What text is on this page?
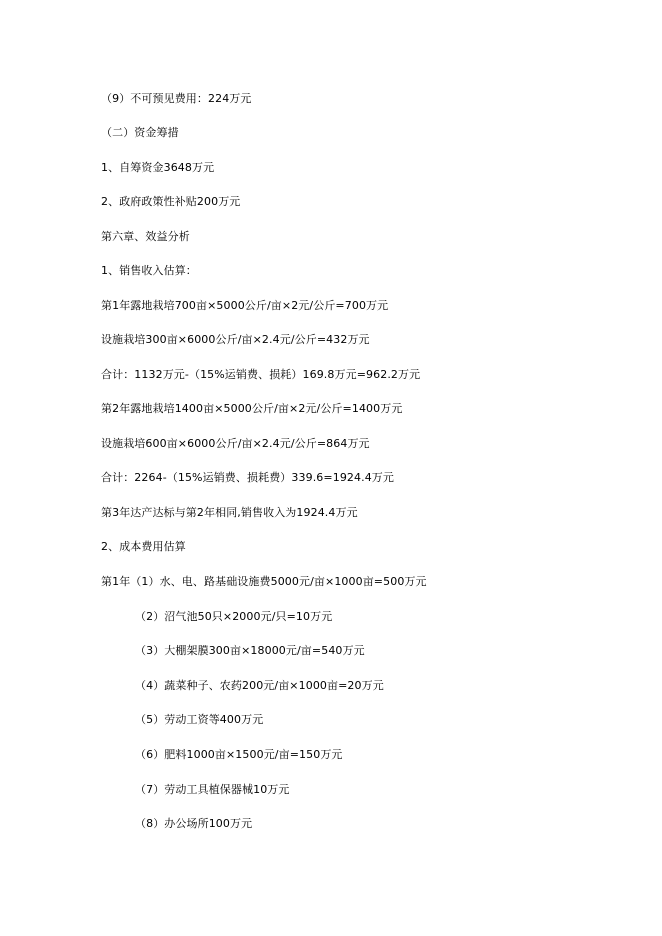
（9）不可预见费用：224万元
（二）资金筹措
1、自筹资金3648万元
2、政府政策性补贴200万元
第六章、效益分析
1、销售收入估算：
第1年露地栽培700亩×5000公斤/亩×2元/公斤=700万元
设施栽培300亩×6000公斤/亩×2.4元/公斤=432万元
合计：1132万元-（15%运销费、损耗）169.8万元=962.2万元
第2年露地栽培1400亩×5000公斤/亩×2元/公斤=1400万元
设施栽培600亩×6000公斤/亩×2.4元/公斤=864万元
合计：2264-（15%运销费、损耗费）339.6=1924.4万元
第3年达产达标与第2年相同,销售收入为1924.4万元
2、成本费用估算
第1年（1）水、电、路基础设施费5000元/亩×1000亩=500万元
（2）沼气池50只×2000元/只=10万元
（3）大棚架膜300亩×18000元/亩=540万元
（4）蔬菜种子、农药200元/亩×1000亩=20万元
（5）劳动工资等400万元
（6）肥料1000亩×1500元/亩=150万元
（7）劳动工具植保器械10万元
（8）办公场所100万元
